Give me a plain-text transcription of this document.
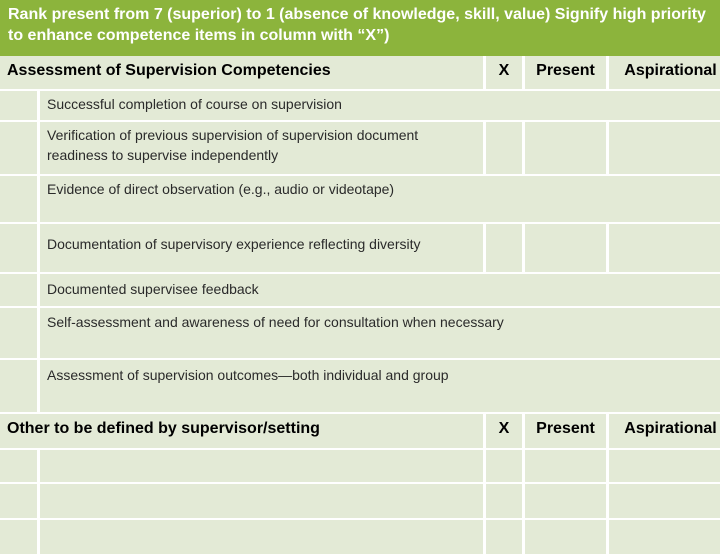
Rank present from 7 (superior) to 1 (absence of knowledge, skill, value) Signify high priority to enhance competence items in column with “X”)
Assessment of Supervision Competencies	X	Present	Aspirational
Successful completion of course on supervision
Verification of previous supervision of supervision document readiness to supervise independently
Evidence of direct observation (e.g., audio or videotape)
Documentation of supervisory experience reflecting diversity
Documented supervisee feedback
Self-assessment and awareness of need for consultation when necessary
Assessment of supervision outcomes—both individual and group
Other to be defined by supervisor/setting	X	Present	Aspirational
